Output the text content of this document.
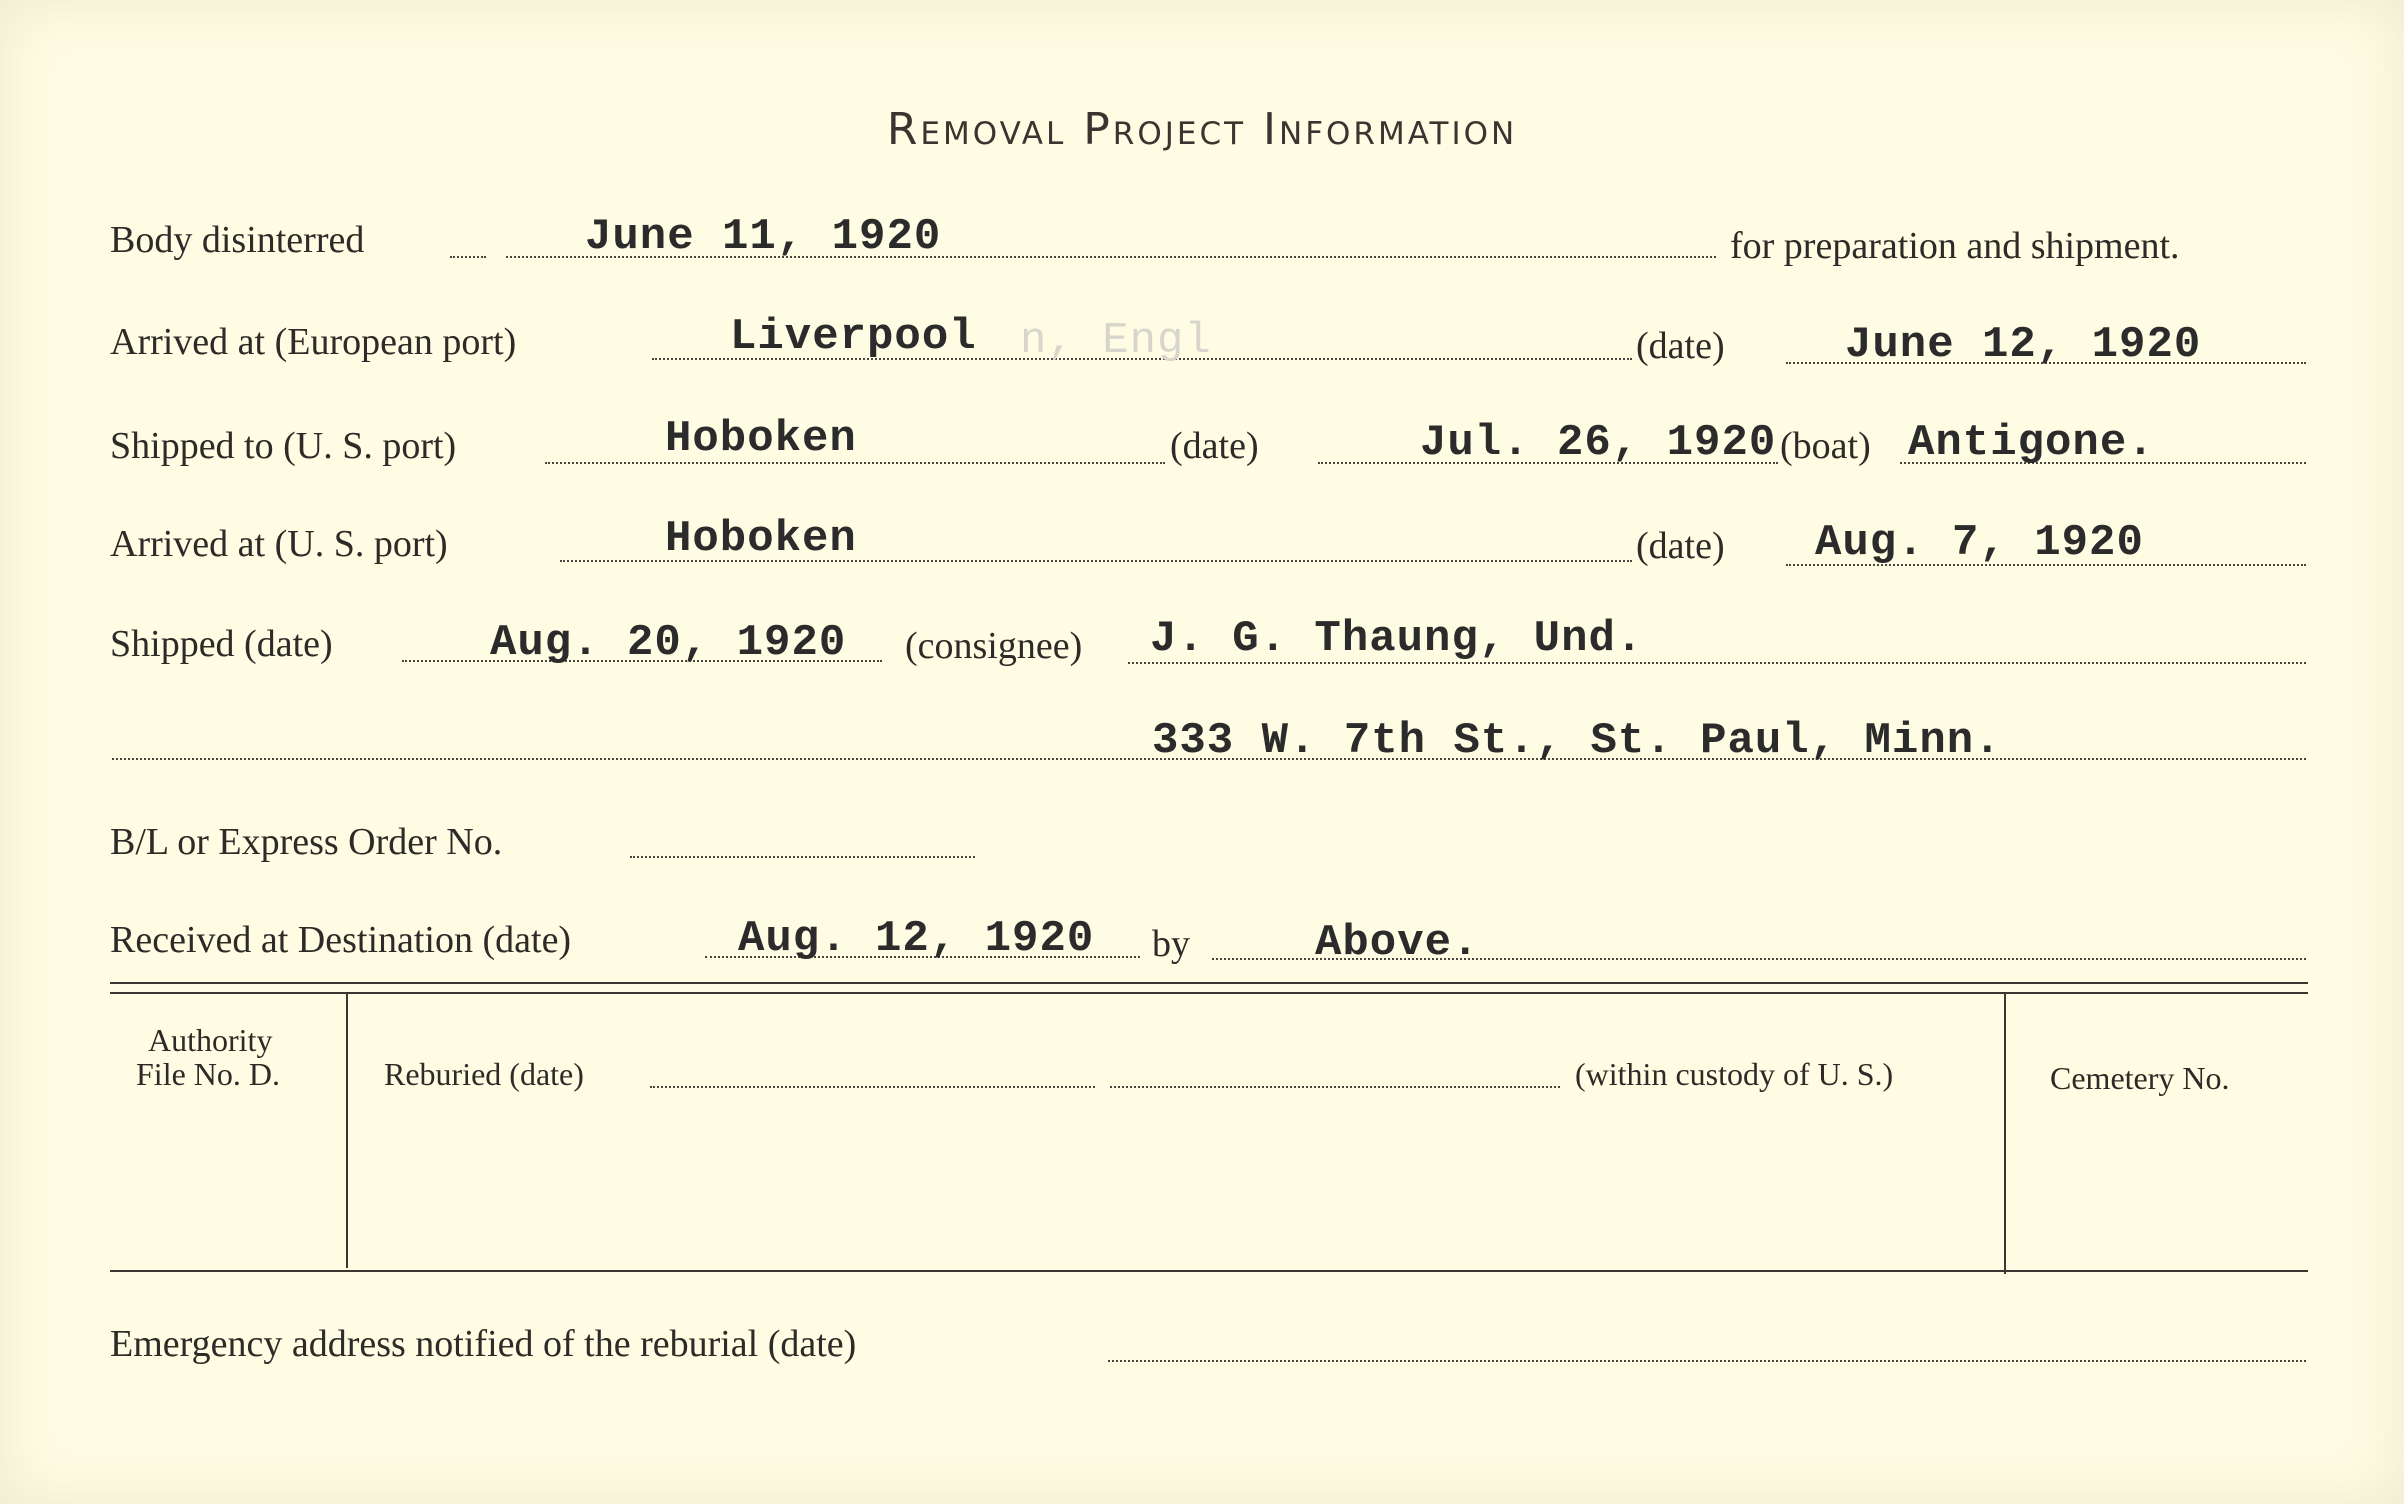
Removal Project Information
Body disinterred	June 11, 1920	for preparation and shipment.
Arrived at (European port)	Liverpool n, Engl	(date)	June 12, 1920
Shipped to (U. S. port)	Hoboken	(date)	Jul. 26, 1920 (boat) Antigone.
Arrived at (U. S. port)	Hoboken	(date) Aug. 7, 1920
Shipped (date)	Aug. 20, 1920 (consignee) J. G. Thaung, Und.
333 W. 7th St., St. Paul, Minn.
B/L or Express Order No.
Received at Destination (date)	Aug. 12, 1920 by	Above.
Authority
File No. D.	Reburied (date)	(within custody of U. S.)	Cemetery No.
Emergency address notified of the reburial (date)
